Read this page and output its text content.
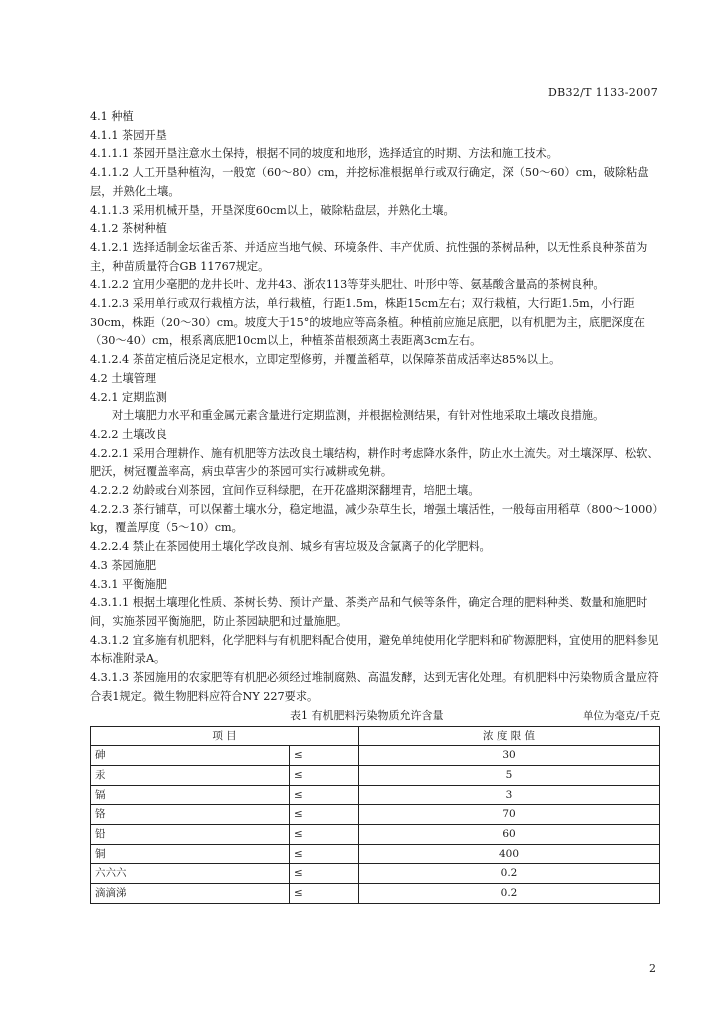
DB32/T 1133-2007

4.1 种植

4.1.1 茶园开垦

4.1.1.1 茶园开垦注意水土保持，根据不同的坡度和地形，选择适宜的时期、方法和施工技术。

4.1.1.2 人工开垦种植沟，一般宽（60～80）cm，并挖标准根据单行或双行确定，深（50～60）cm，破除粘盘层，并熟化土壤。

4.1.1.3 采用机械开垦，开垦深度60cm以上，破除粘盘层，并熟化土壤。

4.1.2 茶树种植

4.1.2.1 选择适制金坛雀舌茶、并适应当地气候、环境条件、丰产优质、抗性强的茶树品种，以无性系良种茶苗为主，种苗质量符合GB 11767规定。

4.1.2.2 宜用少毫肥的龙井长叶、龙井43、浙农113等芽头肥壮、叶形中等、氨基酸含量高的茶树良种。

4.1.2.3 采用单行或双行栽植方法，单行栽植，行距1.5m，株距15cm左右；双行栽植，大行距1.5m，小行距30cm，株距（20～30）cm。坡度大于15°的坡地应等高条植。种植前应施足底肥，以有机肥为主，底肥深度在（30～40）cm，根系离底肥10cm以上，种植茶苗根颈离土表距离3cm左右。

4.1.2.4 茶苗定植后浇足定根水，立即定型修剪，并覆盖稻草，以保障茶苗成活率达85%以上。

4.2 土壤管理

4.2.1 定期监测

对土壤肥力水平和重金属元素含量进行定期监测，并根据检测结果，有针对性地采取土壤改良措施。

4.2.2 土壤改良

4.2.2.1 采用合理耕作、施有机肥等方法改良土壤结构，耕作时考虑降水条件，防止水土流失。对土壤深厚、松软、肥沃，树冠覆盖率高，病虫草害少的茶园可实行减耕或免耕。

4.2.2.2 幼龄或台刈茶园，宜间作豆科绿肥，在开花盛期深翻埋青，培肥土壤。

4.2.2.3 茶行铺草，可以保蓄土壤水分，稳定地温，减少杂草生长，增强土壤活性，一般每亩用稻草（800～1000）kg，覆盖厚度（5～10）cm。

4.2.2.4 禁止在茶园使用土壤化学改良剂、城乡有害垃圾及含氯离子的化学肥料。

4.3 茶园施肥

4.3.1 平衡施肥

4.3.1.1 根据土壤理化性质、茶树长势、预计产量、茶类产品和气候等条件，确定合理的肥料种类、数量和施肥时间，实施茶园平衡施肥，防止茶园缺肥和过量施肥。

4.3.1.2 宜多施有机肥料，化学肥料与有机肥料配合使用，避免单纯使用化学肥料和矿物源肥料，宜使用的肥料参见本标准附录A。

4.3.1.3 茶园施用的农家肥等有机肥必须经过堆制腐熟、高温发酵，达到无害化处理。有机肥料中污染物质含量应符合表1规定。微生物肥料应符合NY 227要求。

表1 有机肥料污染物质允许含量	单位为毫克/千克
项 目		浓 度 限 值
砷	≤	30
汞	≤	5
镉	≤	3
铬	≤	70
铅	≤	60
铜	≤	400
六六六	≤	0.2
滴滴涕	≤	0.2
2
